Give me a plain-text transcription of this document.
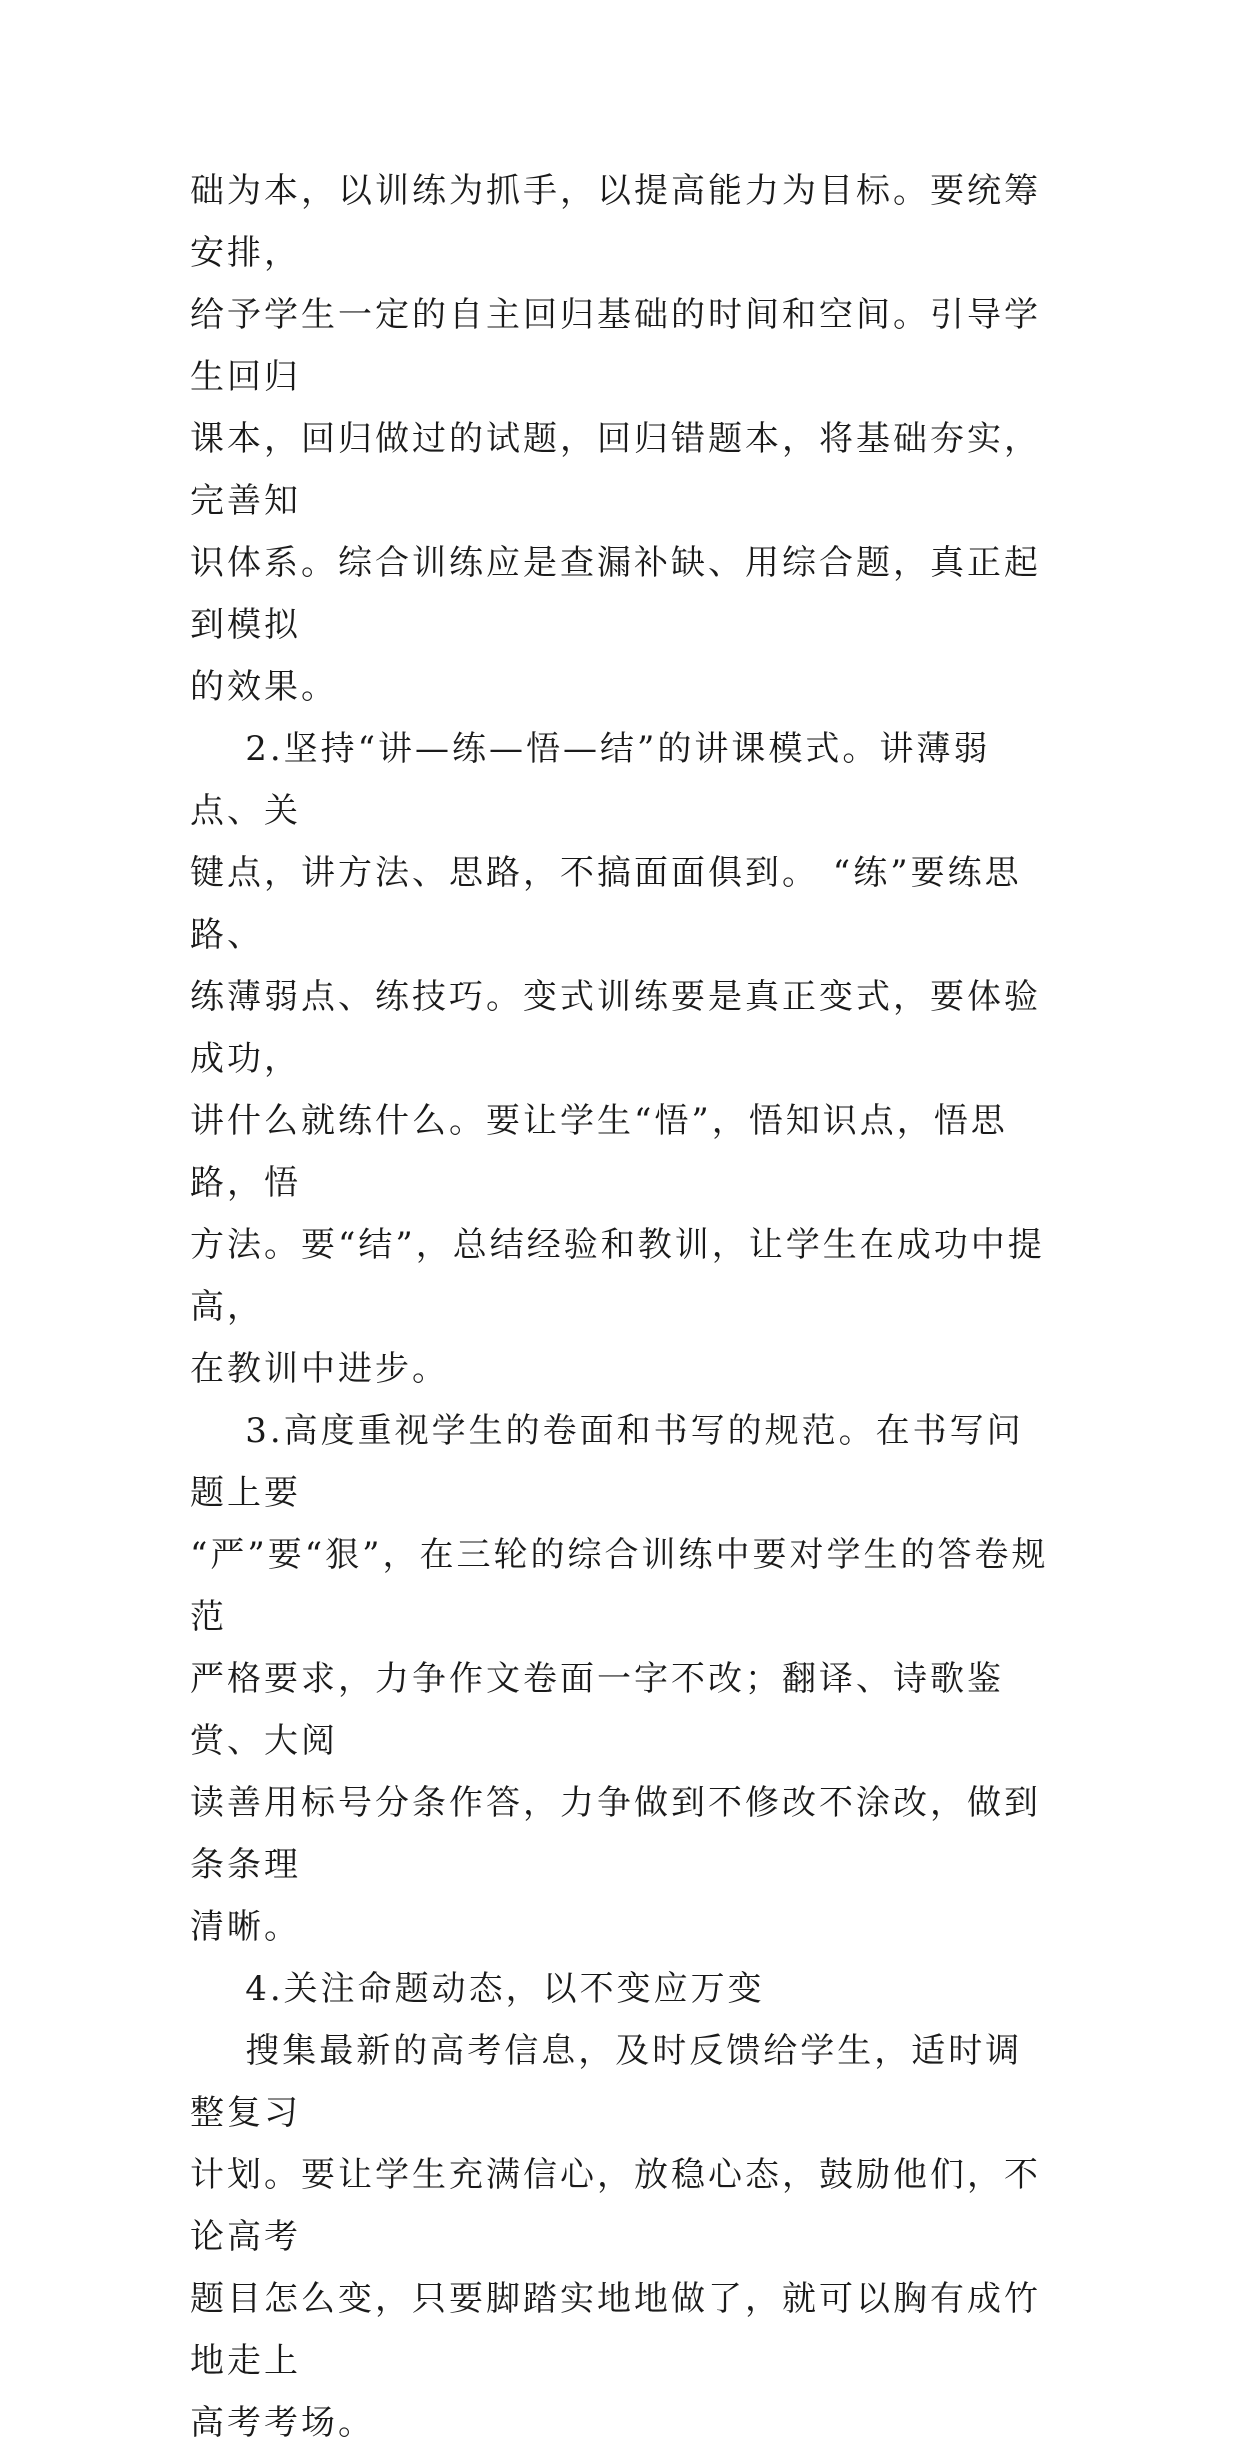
础为本，以训练为抓手，以提高能力为目标。要统筹安排，
给予学生一定的自主回归基础的时间和空间。引导学生回归
课本，回归做过的试题，回归错题本，将基础夯实，完善知
识体系。综合训练应是查漏补缺、用综合题，真正起到模拟
的效果。
2.坚持“讲—练—悟—结”的讲课模式。讲薄弱点、关
键点，讲方法、思路，不搞面面俱到。 “练”要练思路、
练薄弱点、练技巧。变式训练要是真正变式，要体验成功，
讲什么就练什么。要让学生“悟”，悟知识点，悟思路，悟
方法。要“结”，总结经验和教训，让学生在成功中提高，
在教训中进步。
3.高度重视学生的卷面和书写的规范。在书写问题上要
“严”要“狠”，在三轮的综合训练中要对学生的答卷规范
严格要求，力争作文卷面一字不改；翻译、诗歌鉴赏、大阅
读善用标号分条作答，力争做到不修改不涂改，做到条条理
清晰。
4.关注命题动态，以不变应万变
搜集最新的高考信息，及时反馈给学生，适时调整复习
计划。要让学生充满信心，放稳心态，鼓励他们，不论高考
题目怎么变，只要脚踏实地地做了，就可以胸有成竹地走上
高考考场。
